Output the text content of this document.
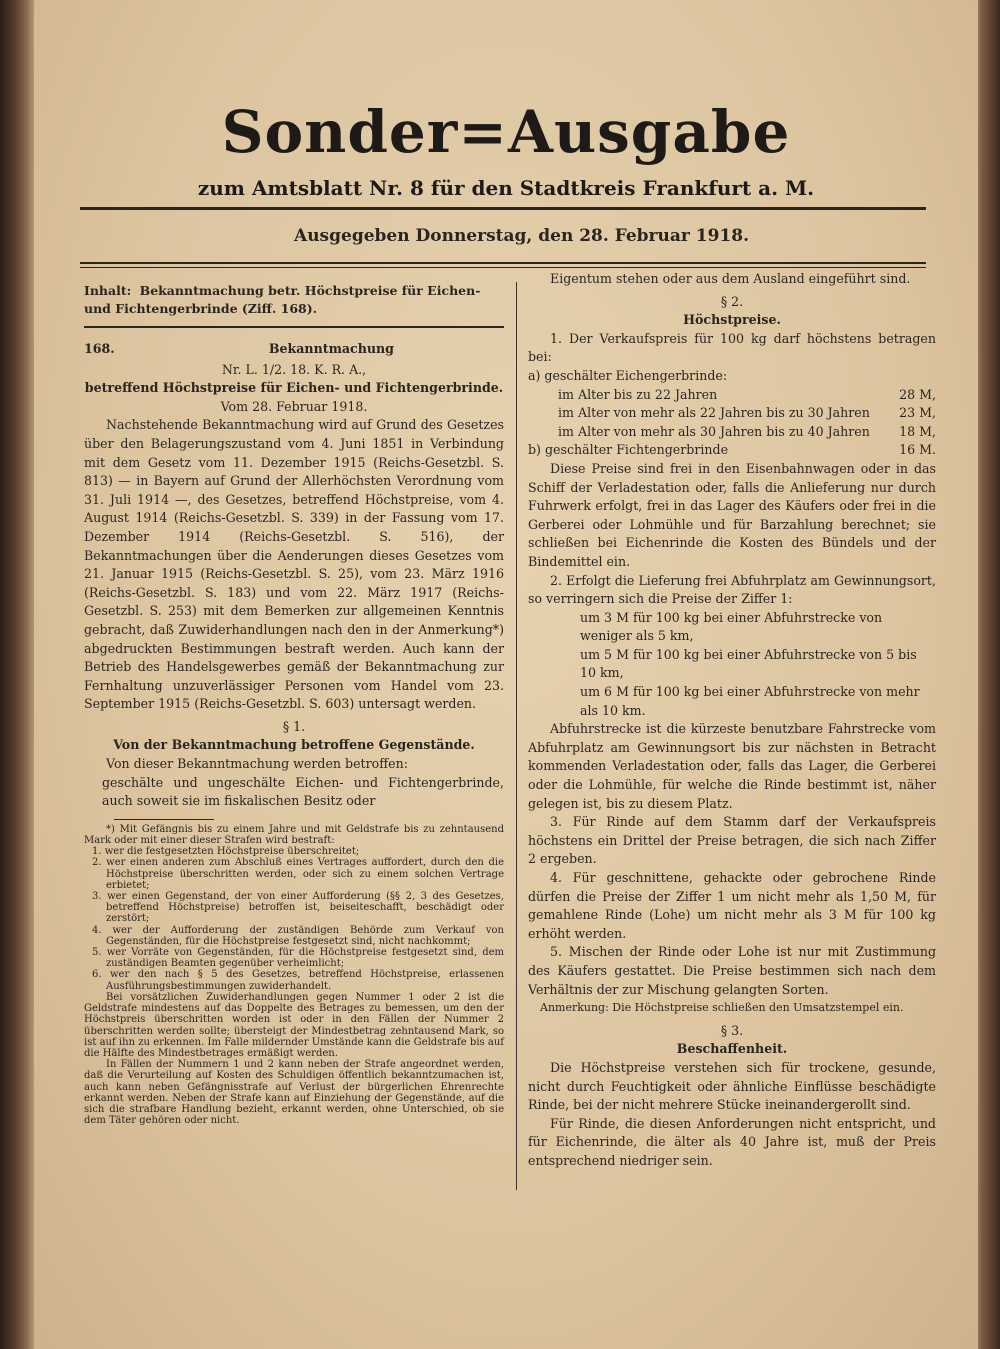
Sonder=Ausgabe
zum Amtsblatt Nr. 8 für den Stadtkreis Frankfurt a. M.
Ausgegeben Donnerstag, den 28. Februar 1918.
Inhalt: Bekanntmachung betr. Höchstpreise für Eichen- und Fichtengerbrinde (Ziff. 168).
168.	Bekanntmachung

Nr. L. 1/2. 18. K. R. A.,

betreffend Höchstpreise für Eichen- und Fichtengerbrinde.

Vom 28. Februar 1918.

Nachstehende Bekanntmachung wird auf Grund des Gesetzes über den Belagerungszustand vom 4. Juni 1851 in Verbindung mit dem Gesetz vom 11. Dezember 1915 (Reichs-Gesetzbl. S. 813) — in Bayern auf Grund der Allerhöchsten Verordnung vom 31. Juli 1914 —, des Gesetzes, betreffend Höchstpreise, vom 4. August 1914 (Reichs-Gesetzbl. S. 339) in der Fassung vom 17. Dezember 1914 (Reichs-Gesetzbl. S. 516), der Bekanntmachungen über die Aenderungen dieses Gesetzes vom 21. Januar 1915 (Reichs-Gesetzbl. S. 25), vom 23. März 1916 (Reichs-Gesetzbl. S. 183) und vom 22. März 1917 (Reichs-Gesetzbl. S. 253) mit dem Bemerken zur allgemeinen Kenntnis gebracht, daß Zuwiderhandlungen nach den in der Anmerkung*) abgedruckten Bestimmungen bestraft werden. Auch kann der Betrieb des Handelsgewerbes gemäß der Bekanntmachung zur Fernhaltung unzuverlässiger Personen vom Handel vom 23. September 1915 (Reichs-Gesetzbl. S. 603) untersagt werden.

§ 1.

Von der Bekanntmachung betroffene Gegenstände.

Von dieser Bekanntmachung werden betroffen:

geschälte und ungeschälte Eichen- und Fichtengerbrinde, auch soweit sie im fiskalischen Besitz oder

*) Mit Gefängnis bis zu einem Jahre und mit Geldstrafe bis zu zehntausend Mark oder mit einer dieser Strafen wird bestraft:

1. wer die festgesetzten Höchstpreise überschreitet;

2. wer einen anderen zum Abschluß eines Vertrages auffordert, durch den die Höchstpreise überschritten werden, oder sich zu einem solchen Vertrage erbietet;

3. wer einen Gegenstand, der von einer Aufforderung (§§ 2, 3 des Gesetzes, betreffend Höchstpreise) betroffen ist, beiseiteschafft, beschädigt oder zerstört;

4. wer der Aufforderung der zuständigen Behörde zum Verkauf von Gegenständen, für die Höchstpreise festgesetzt sind, nicht nachkommt;

5. wer Vorräte von Gegenständen, für die Höchstpreise festgesetzt sind, dem zuständigen Beamten gegenüber verheimlicht;

6. wer den nach § 5 des Gesetzes, betreffend Höchstpreise, erlassenen Ausführungsbestimmungen zuwiderhandelt.

Bei vorsätzlichen Zuwiderhandlungen gegen Nummer 1 oder 2 ist die Geldstrafe mindestens auf das Doppelte des Betrages zu bemessen, um den der Höchstpreis überschritten worden ist oder in den Fällen der Nummer 2 überschritten werden sollte; übersteigt der Mindestbetrag zehntausend Mark, so ist auf ihn zu erkennen. Im Falle mildernder Umstände kann die Geldstrafe bis auf die Hälfte des Mindestbetrages ermäßigt werden.

In Fällen der Nummern 1 und 2 kann neben der Strafe angeordnet werden, daß die Verurteilung auf Kosten des Schuldigen öffentlich bekanntzumachen ist, auch kann neben Gefängnisstrafe auf Verlust der bürgerlichen Ehrenrechte erkannt werden. Neben der Strafe kann auf Einziehung der Gegenstände, auf die sich die strafbare Handlung bezieht, erkannt werden, ohne Unterschied, ob sie dem Täter gehören oder nicht.

Eigentum stehen oder aus dem Ausland eingeführt sind.

§ 2.

Höchstpreise.

1. Der Verkaufspreis für 100 kg darf höchstens betragen bei:

a) geschälter Eichengerbrinde:

im Alter bis zu 22 Jahren	28 M,
im Alter von mehr als 22 Jahren bis zu 30 Jahren	23 M,
im Alter von mehr als 30 Jahren bis zu 40 Jahren	18 M,
b) geschälter Fichtengerbrinde	16 M.

Diese Preise sind frei in den Eisenbahnwagen oder in das Schiff der Verladestation oder, falls die Anlieferung nur durch Fuhrwerk erfolgt, frei in das Lager des Käufers oder frei in die Gerberei oder Lohmühle und für Barzahlung berechnet; sie schließen bei Eichenrinde die Kosten des Bündels und der Bindemittel ein.

2. Erfolgt die Lieferung frei Abfuhrplatz am Gewinnungsort, so verringern sich die Preise der Ziffer 1:

um 3 M für 100 kg bei einer Abfuhrstrecke von weniger als 5 km,

um 5 M für 100 kg bei einer Abfuhrstrecke von 5 bis 10 km,

um 6 M für 100 kg bei einer Abfuhrstrecke von mehr als 10 km.

Abfuhrstrecke ist die kürzeste benutzbare Fahrstrecke vom Abfuhrplatz am Gewinnungsort bis zur nächsten in Betracht kommenden Verladestation oder, falls das Lager, die Gerberei oder die Lohmühle, für welche die Rinde bestimmt ist, näher gelegen ist, bis zu diesem Platz.

3. Für Rinde auf dem Stamm darf der Verkaufspreis höchstens ein Drittel der Preise betragen, die sich nach Ziffer 2 ergeben.

4. Für geschnittene, gehackte oder gebrochene Rinde dürfen die Preise der Ziffer 1 um nicht mehr als 1,50 M, für gemahlene Rinde (Lohe) um nicht mehr als 3 M für 100 kg erhöht werden.

5. Mischen der Rinde oder Lohe ist nur mit Zustimmung des Käufers gestattet. Die Preise bestimmen sich nach dem Verhältnis der zur Mischung gelangten Sorten.

Anmerkung: Die Höchstpreise schließen den Umsatzstempel ein.

§ 3.

Beschaffenheit.

Die Höchstpreise verstehen sich für trockene, gesunde, nicht durch Feuchtigkeit oder ähnliche Einflüsse beschädigte Rinde, bei der nicht mehrere Stücke ineinandergerollt sind.

Für Rinde, die diesen Anforderungen nicht entspricht, und für Eichenrinde, die älter als 40 Jahre ist, muß der Preis entsprechend niedriger sein.
